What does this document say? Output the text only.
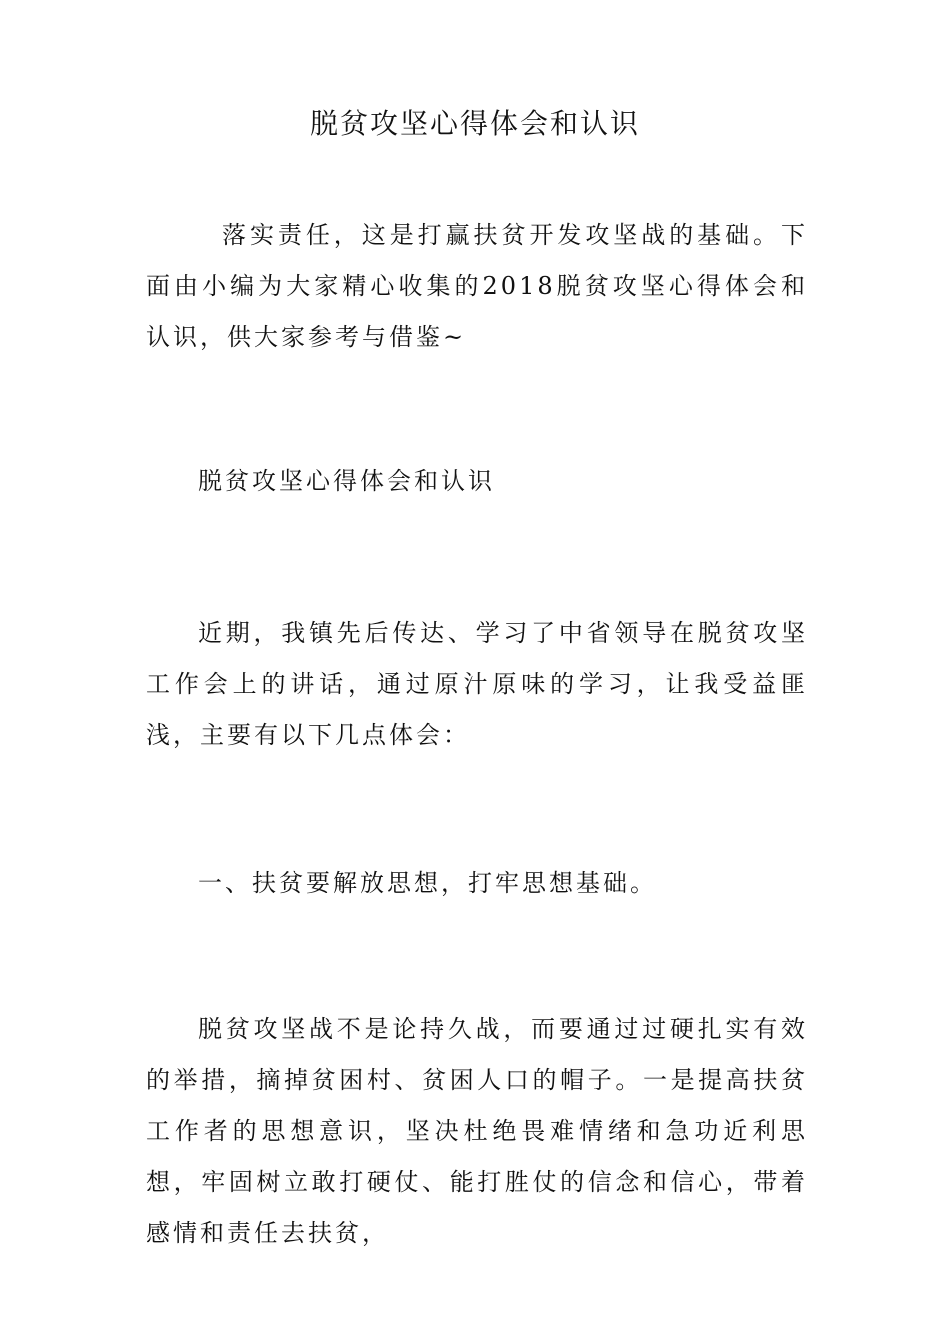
脱贫攻坚心得体会和认识

落实责任，这是打赢扶贫开发攻坚战的基础。下面由小编为大家精心收集的2018脱贫攻坚心得体会和认识，供大家参考与借鉴~

脱贫攻坚心得体会和认识

近期，我镇先后传达、学习了中省领导在脱贫攻坚工作会上的讲话，通过原汁原味的学习，让我受益匪浅，主要有以下几点体会：

一、扶贫要解放思想，打牢思想基础。

脱贫攻坚战不是论持久战，而要通过过硬扎实有效的举措，摘掉贫困村、贫困人口的帽子。一是提高扶贫工作者的思想意识，坚决杜绝畏难情绪和急功近利思想，牢固树立敢打硬仗、能打胜仗的信念和信心，带着感情和责任去扶贫，
